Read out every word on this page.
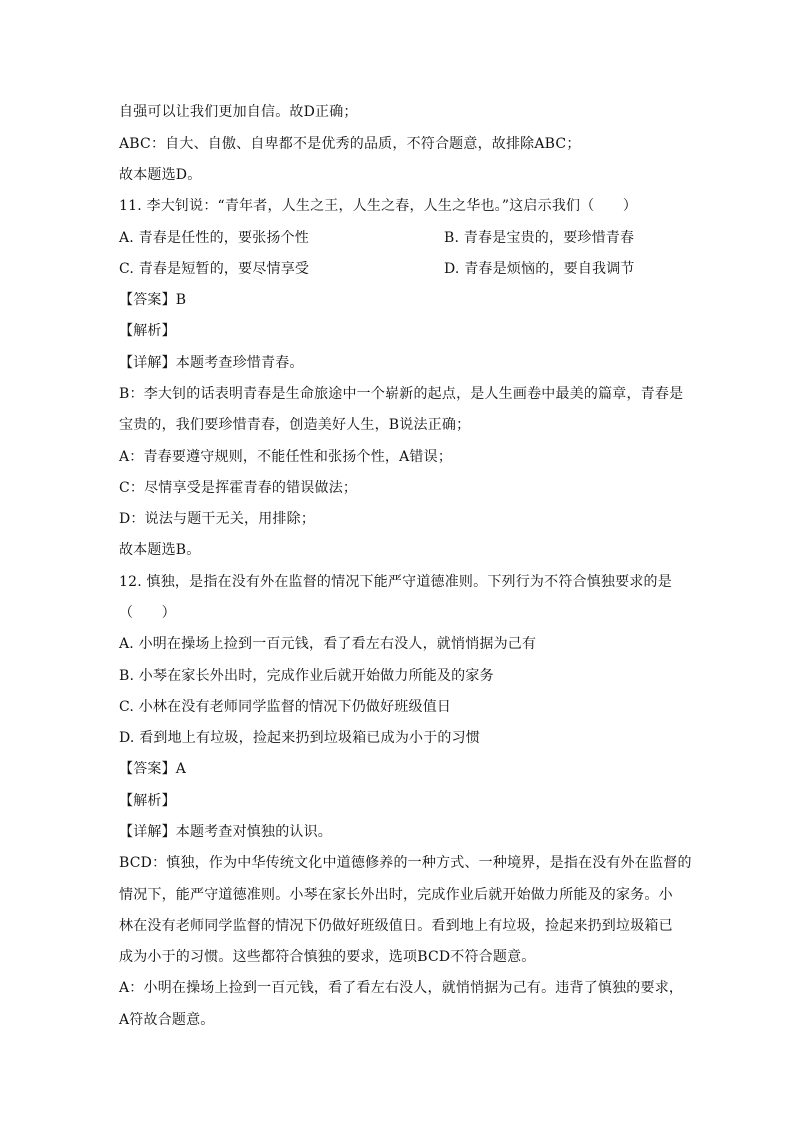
自强可以让我们更加自信。故D正确；
ABC：自大、自傲、自卑都不是优秀的品质，不符合题意，故排除ABC；
故本题选D。
11. 李大钊说：“青年者，人生之王，人生之春，人生之华也。”这启示我们（　　）
A. 青春是任性的，要张扬个性	B. 青春是宝贵的，要珍惜青春
C. 青春是短暂的，要尽情享受	D. 青春是烦恼的，要自我调节
【答案】B
【解析】
【详解】本题考查珍惜青春。
B：李大钊的话表明青春是生命旅途中一个崭新的起点，是人生画卷中最美的篇章，青春是
宝贵的，我们要珍惜青春，创造美好人生，B说法正确；
A：青春要遵守规则，不能任性和张扬个性，A错误；
C：尽情享受是挥霍青春的错误做法；
D：说法与题干无关，用排除；
故本题选B。
12. 慎独，是指在没有外在监督的情况下能严守道德准则。下列行为不符合慎独要求的是
（　　）
A. 小明在操场上捡到一百元钱，看了看左右没人，就悄悄据为己有
B. 小琴在家长外出时，完成作业后就开始做力所能及的家务
C. 小林在没有老师同学监督的情况下仍做好班级值日
D. 看到地上有垃圾，捡起来扔到垃圾箱已成为小于的习惯
【答案】A
【解析】
【详解】本题考查对慎独的认识。
BCD：慎独，作为中华传统文化中道德修养的一种方式、一种境界，是指在没有外在监督的
情况下，能严守道德准则。小琴在家长外出时，完成作业后就开始做力所能及的家务。小
林在没有老师同学监督的情况下仍做好班级值日。看到地上有垃圾，捡起来扔到垃圾箱已
成为小于的习惯。这些都符合慎独的要求，选项BCD不符合题意。
A：小明在操场上捡到一百元钱，看了看左右没人，就悄悄据为己有。违背了慎独的要求，
A符故合题意。
